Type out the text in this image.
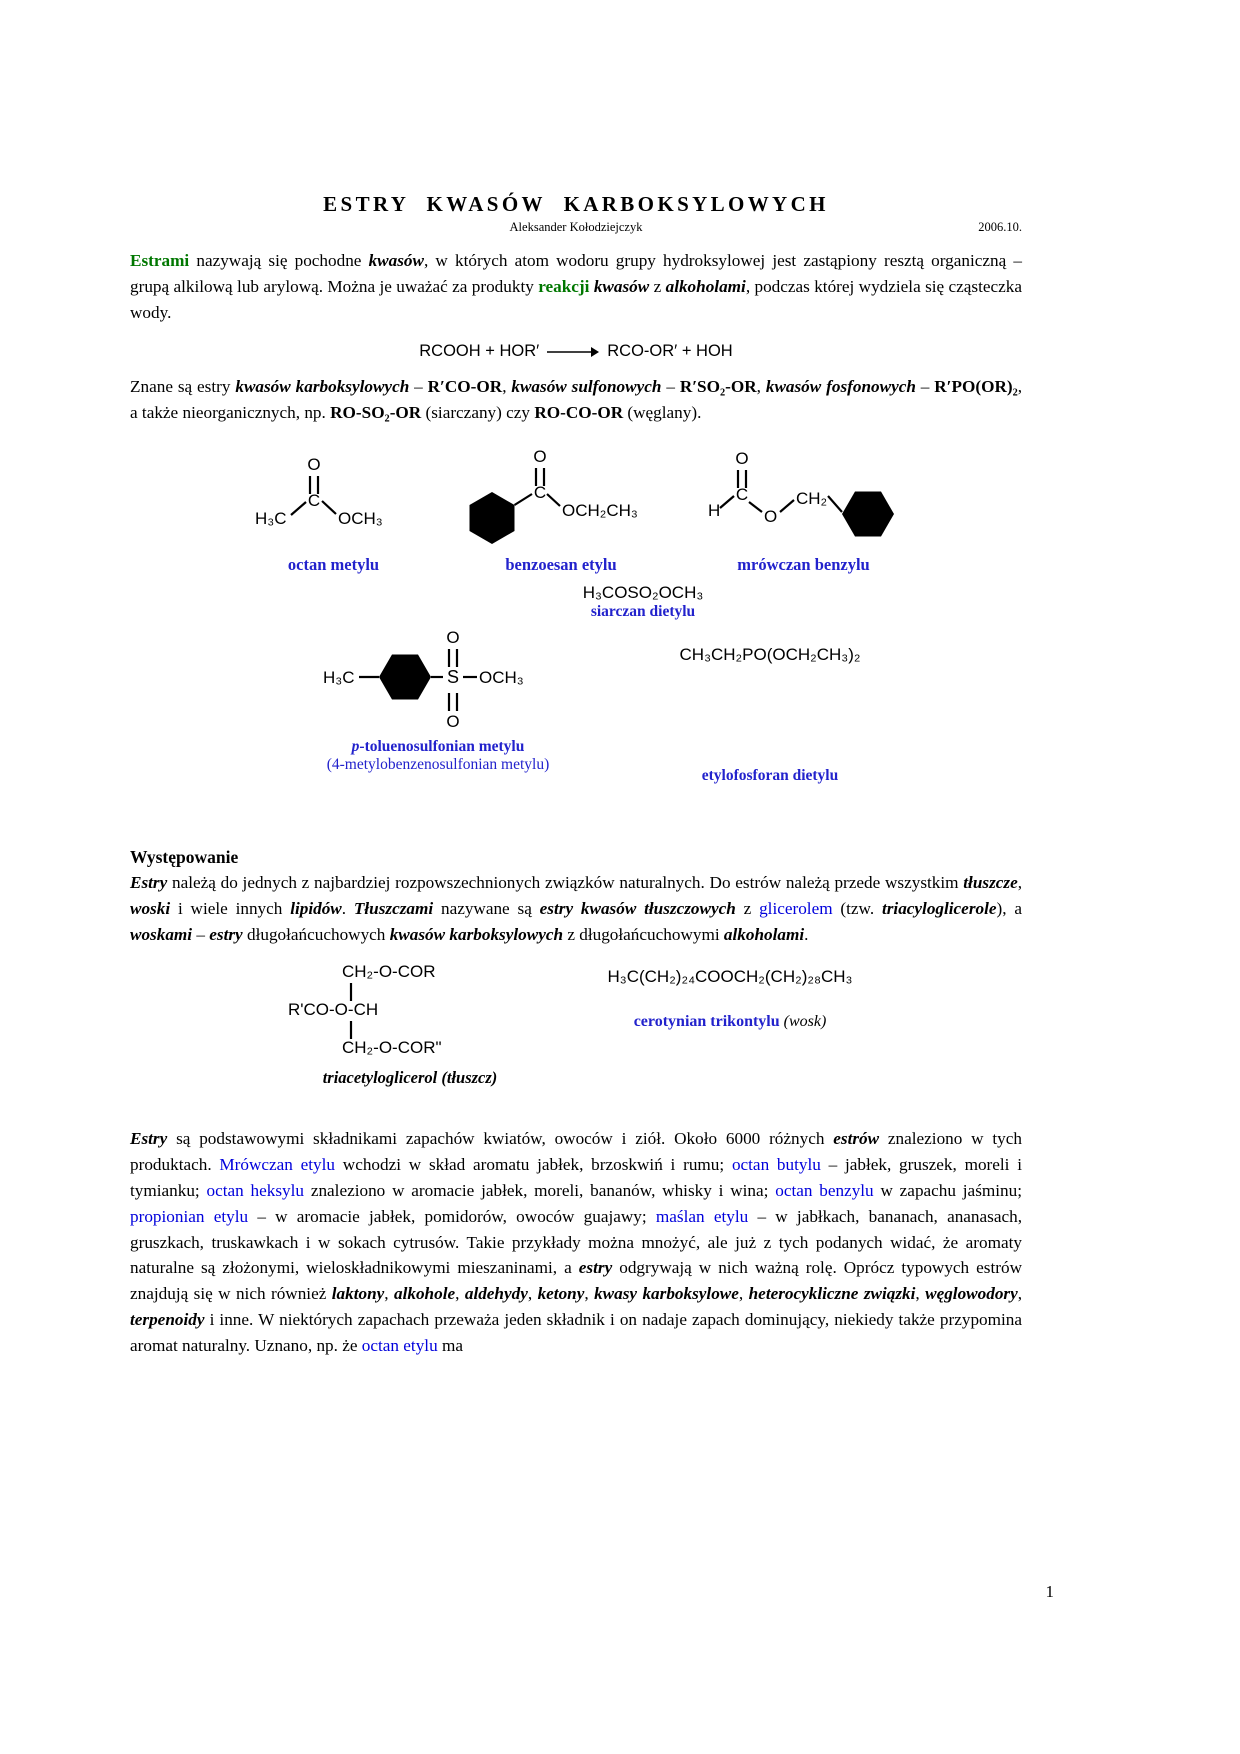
ESTRY KWASÓW KARBOKSYLOWYCH
Aleksander Kołodziejczyk	2006.10.

Estrami nazywają się pochodne kwasów, w których atom wodoru grupy hydroksylowej jest zastąpiony resztą organiczną – grupą alkilową lub arylową. Można je uważać za produkty reakcji kwasów z alkoholami, podczas której wydziela się cząsteczka wody.

RCOOH + HOR′ → RCO-OR′ + HOH

Znane są estry kwasów karboksylowych – R′CO-OR, kwasów sulfonowych – R′SO₂-OR, kwasów fosfonowych – R′PO(OR)₂, a także nieorganicznych, np. RO-SO₂-OR (siarczany) czy RO-CO-OR (węglany).

H₃C
C
O
OCH₃
octan metylu
C
O
OCH₂CH₃
benzoesan etylu
H
C
O
O
CH₂
mrówczan benzylu
H₃COSO₂OCH₃
siarczan dietylu
H₃C	S
O
O
OCH₃
p-toluenosulfonian metylu
(4-metylobenzenosulfonian metylu)
CH₃CH₂PO(OCH₂CH₃)₂
etylofosforan dietylu
Występowanie

Estry należą do jednych z najbardziej rozpowszechnionych związków naturalnych. Do estrów należą przede wszystkim tłuszcze, woski i wiele innych lipidów. Tłuszczami nazywane są estry kwasów tłuszczowych z glicerolem (tzw. triacyloglicerole), a woskami – estry długołańcuchowych kwasów karboksylowych z długołańcuchowymi alkoholami.

CH₂-O-COR
R'CO-O-CH
CH₂-O-COR"
triacetyloglicerol (tłuszcz)
H₃C(CH₂)₂₄COOCH₂(CH₂)₂₈CH₃
cerotynian trikontylu (wosk)

Estry są podstawowymi składnikami zapachów kwiatów, owoców i ziół. Około 6000 różnych estrów znaleziono w tych produktach. Mrówczan etylu wchodzi w skład aromatu jabłek, brzoskwiń i rumu; octan butylu – jabłek, gruszek, moreli i tymianku; octan heksylu znaleziono w aromacie jabłek, moreli, bananów, whisky i wina; octan benzylu w zapachu jaśminu; propionian etylu – w aromacie jabłek, pomidorów, owoców guajawy; maślan etylu – w jabłkach, bananach, ananasach, gruszkach, truskawkach i w sokach cytrusów. Takie przykłady można mnożyć, ale już z tych podanych widać, że aromaty naturalne są złożonymi, wieloskładnikowymi mieszaninami, a estry odgrywają w nich ważną rolę. Oprócz typowych estrów znajdują się w nich również laktony, alkohole, aldehydy, ketony, kwasy karboksylowe, heterocykliczne związki, węglowodory, terpenoidy i inne. W niektórych zapachach przeważa jeden składnik i on nadaje zapach dominujący, niekiedy także przypomina aromat naturalny. Uznano, np. że octan etylu ma

1
